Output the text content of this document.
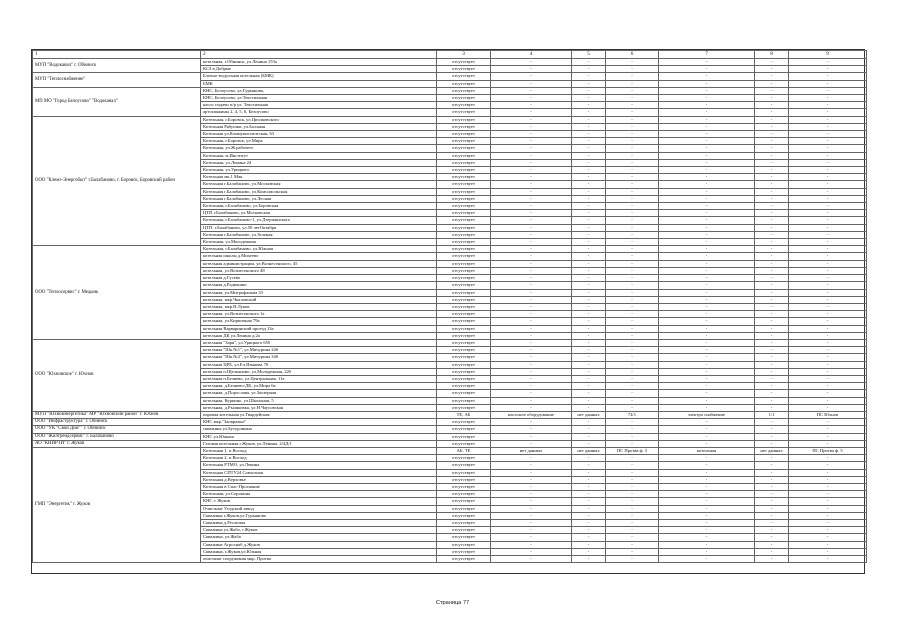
1	2	3	4	5	6	7	8	9
МУП "Водоканал" г. Обнинск	котельная, г.Обнинск, ул.Ленина 153а	отсутствует	-	-	-	-	-	-
	КСЗ в Добрые	отсутствует	-	-	-	-	-	-
МУП "Теплоснабжение"	Блочно-модульная котельная (БМК)	отсутствует	-	-	-	-	-	-
	БМК	отсутствует	-	-	-	-	-	-
МП МО "Город Белоусово" "Водоканал"	КНС, Белоусово, ул.Гурьянова,	отсутствует	-	-	-	-	-	-
	КНС, Белоусово, ул.Текстильная	отсутствует	-	-	-	-	-	-
	насос подачи п/р ул. Текстильная	отсутствует	-	-	-	-	-	-
	артскважины 2, 4, 5, 6, Белоусово	отсутствует	-	-	-	-	-	-
ООО "Клемэ-Энергобыт" г.Балабаново, г. Боровск, Боровский район	Котельная, г.Боровск, ул.Циолковского	отсутствует	-	-	-	-	-	-
	Котельная Рябушки, ул.Больная	отсутствует	-	-	-	-	-	-
	Котельная ул.Коммунистическая, 63	отсутствует	-	-	-	-	-	-
	Котельная, г.Боровск, ул.Мира	отсутствует	-	-	-	-	-	-
	Котельная, ул.Ж.рабочего	отсутствует	-	-	-	-	-	-
	Котельная, м.Институт	отсутствует	-	-	-	-	-	-
	Котельная, ул.Ленина 24	отсутствует	-	-	-	-	-	-
	Котельная, ул.Урицкого	отсутствует	-	-	-	-	-	-
	Котельная мк.1 Мая	отсутствует	-	-	-	-	-	-
	Котельная г.Балабаново, ул.Московская	отсутствует	-	-	-	-	-	-
	Котельная г.Балабаново, ул.Комсомольская	отсутствует	-	-	-	-	-	-
	Котельная г.Балабаново, ул.Лесная	отсутствует	-	-	-	-	-	-
	Котельная, г.Балабаново, ул.Боровская	отсутствует	-	-	-	-	-	-
	ЦТП г.Балабаново, ул.Московская	отсутствует	-	-	-	-	-	-
	Котельная, г.Балабаново-1, ул.Дзержинского	отсутствует	-	-	-	-	-	-
	ЦТП, г.Балабаново, ул.50 летОктября	отсутствует	-	-	-	-	-	-
	Котельная г.Балабаново, ул.Зеленая	отсутствует	-	-	-	-	-	-
	Котельная, ул.Молодежная	отсутствует	-	-	-	-	-	-
ООО "Теплосервис" г. Медынь	Котельная, г.Балабаново, ул.Южная	отсутствует	-	-	-	-	-	-
	котельная школы д.Михеево	отсутствует	-	-	-	-	-	-
	котельная администрации, ул.Вознесенского, 45	отсутствует	-	-	-	-	-	-
	котельная, ул.Вознесенского 48	отсутствует	-	-	-	-	-	-
	котельная д.Гусево	отсутствует	-	-	-	-	-	-
	котельная д.Радюкино	отсутствует	-	-	-	-	-	-
	котельная, ул.Митрофанова 33	отсутствует	-	-	-	-	-	-
	котельная, мкр.Чкаловский	отсутствует	-	-	-	-	-	-
	котельная, мкр.Н.Луков	отсутствует	-	-	-	-	-	-
	котельная, ул.Вознесенского 1а	отсутствует	-	-	-	-	-	-
	котельная, ул.Кирпичная 79а	отсутствует	-	-	-	-	-	-
	котельная Варваринский проезд 13а	отсутствует	-	-	-	-	-	-
	котельная ДК ул.Ленина д.2а	отсутствует	-	-	-	-	-	-
ООО "Юхновское" г. Юхнов	котельная "Заря", ул.Урицкого 65б	отсутствует	-	-	-	-	-	-
	котельная "Шк.№1", ул.Мичурина 24б	отсутствует	-	-	-	-	-	-
	котельная "Шк.№2", ул.Мичурина 34б	отсутствует	-	-	-	-	-	-
	котельная ЦРБ, ул.Ел.Языкова 70	отсутствует	-	-	-	-	-	-
	котельная п.Щелканово, ул.Молодежная, 22б	отсутствует	-	-	-	-	-	-
	котельная п.Беляево, ул.Центральная, 11а	отсутствует	-	-	-	-	-	-
	котельная, д.Беляево-ДК, ул.Мира 6а	отсутствует	-	-	-	-	-	-
	котельная, д.Порослава, ул.Заозерная	отсутствует	-	-	-	-	-	-
	котельная, Куркино, ул.Школьная, 5	отсутствует	-	-	-	-	-	-
	котельная, д.Рыляковка, ул.Н.Чаусовская	отсутствует	-	-	-	-	-	-
МУП "Юхновэнергетика" МР "Юхновский район" г. Юхнов	паровая котельная ул.Гвардейская	ТЕ, АБ	насосное оборудование	нет данных	74/1	электро снабжение	1/1	ПС Юхнов
ООО "Инфраструктура" г. Обнинск	КНС мкр."Заовражье"	отсутствует	-	-	-	-	-	-
ООО "УК "Свой Дом"" г. Обнинск	скважина ул.Бутурлиных	отсутствует	-	-	-	-	-	-
ООО "Жилтрейдсервис" г. Балабаново	КНС ул.Южная	отсутствует	-	-	-	-	-	-
АО "КНИРТИ" г. Жуков	Газовая котельная г.Жуков, ул.Ленина, 2/4Д/1	отсутствует	-	-	-	-	-	-
ГМП "Энергетик" г. Жуков	Котельная 1, п.Восход	АБ, ТЕ	нет данных	нет данных	ПС Протва ф. 5	котельная	нет данных	ПС Протва ф. 5
	Котельная 2, п.Восход	отсутствует	-	-	-	-	-	-
	Котельная РТМО, ул.Ленина	отсутствует	-	-	-	-	-	-
	Котельная СПТУ24 Совхозная	отсутствует	-	-	-	-	-	-
	Котельная д.Верховье	отсутствует	-	-	-	-	-	-
	Котельная в Спас-Прогнание	отсутствует	-	-	-	-	-	-
	Котельная, ул.Сорокина	отсутствует	-	-	-	-	-	-
	КНС г. Жуков	отсутствует	-	-	-	-	-	-
	Очистные Угодский завод	отсутствует	-	-	-	-	-	-
	Скважина г.Жуков,ул.Гурьянова	отсутствует	-	-	-	-	-	-
	Скважина д.Ресличка	отсутствует	-	-	-	-	-	-
	Скважина ул.Жабо, г.Жуков	отсутствует	-	-	-	-	-	-
	Скважина, ул.Жабо	отсутствует	-	-	-	-	-	-
	Скважина Агроснаб д.Жуков	отсутствует	-	-	-	-	-	-
	Скважина, г.Жуков,ул.Южная	отсутствует	-	-	-	-	-	-
	очистные сооружения мкр. Протва	отсутствует	-	-	-	-	-	-
Страница 77
